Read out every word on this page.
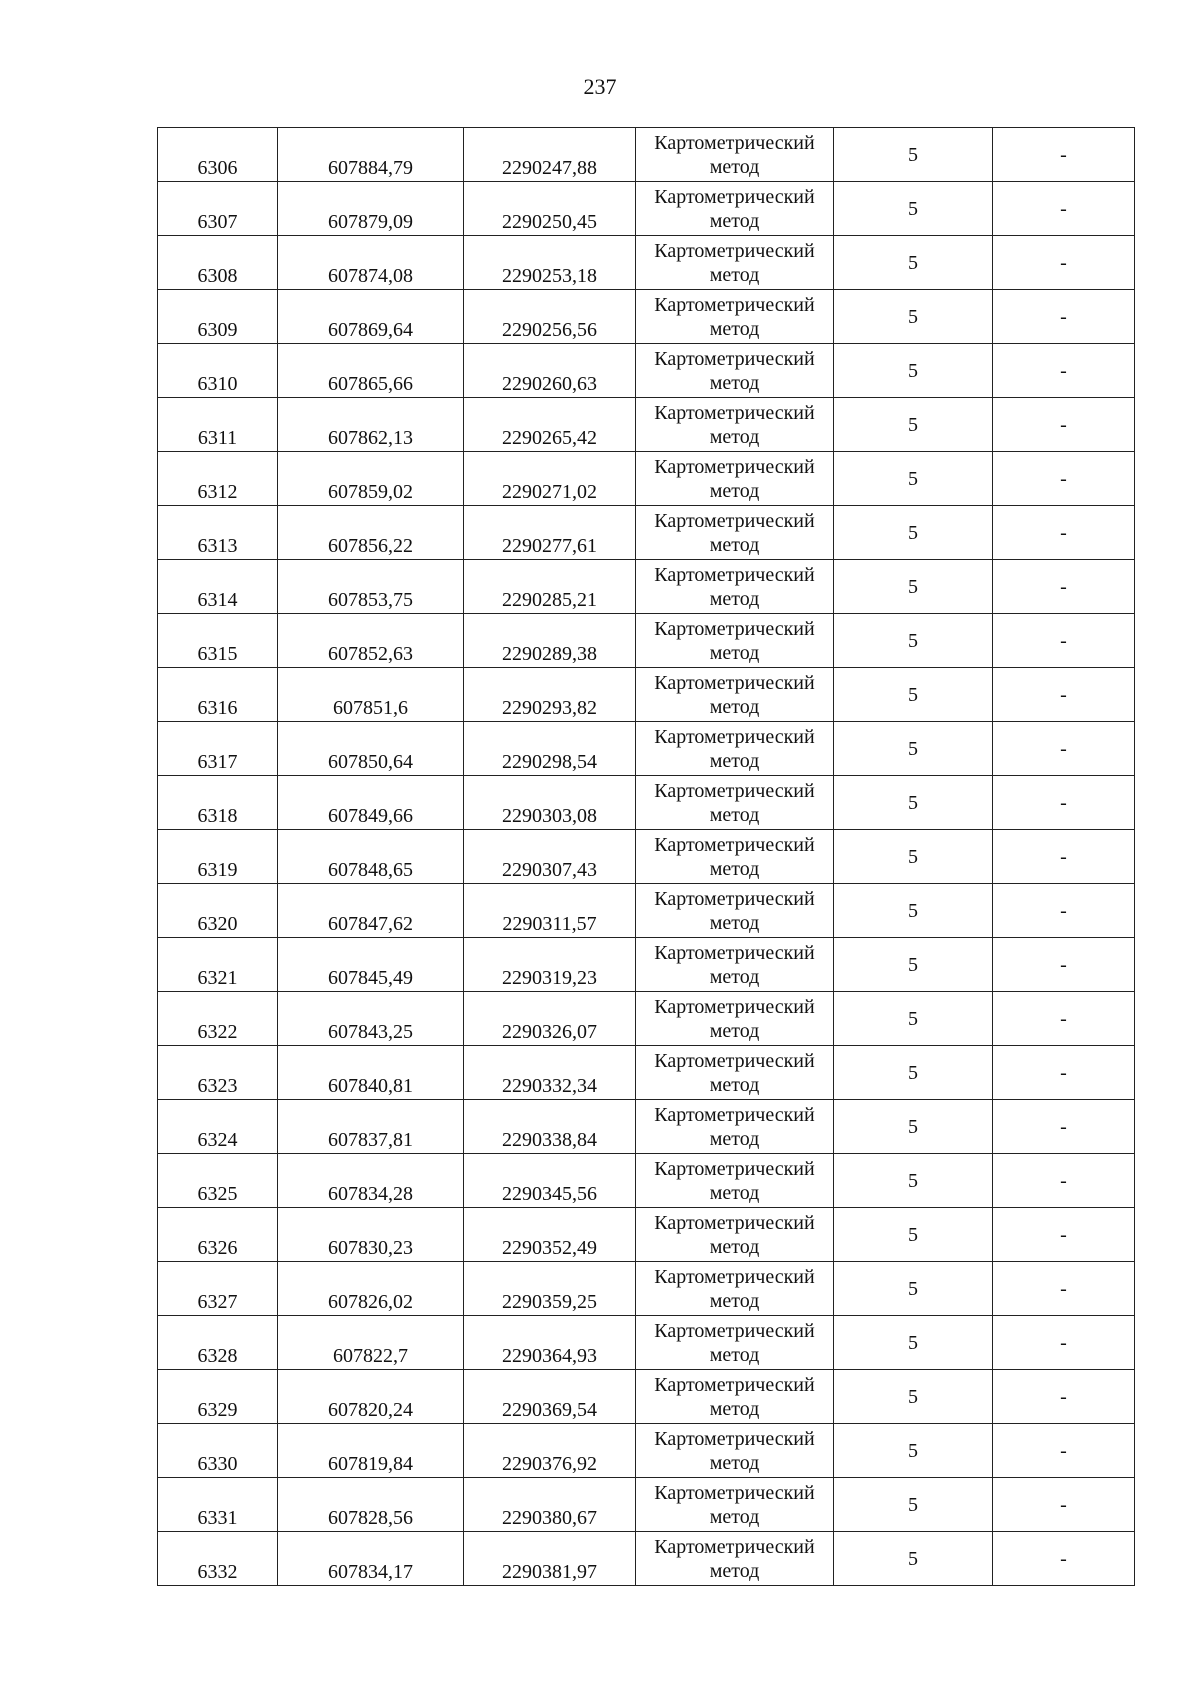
237
6306	607884,79	2290247,88	Картометрический метод	5	-
6307	607879,09	2290250,45	Картометрический метод	5	-
6308	607874,08	2290253,18	Картометрический метод	5	-
6309	607869,64	2290256,56	Картометрический метод	5	-
6310	607865,66	2290260,63	Картометрический метод	5	-
6311	607862,13	2290265,42	Картометрический метод	5	-
6312	607859,02	2290271,02	Картометрический метод	5	-
6313	607856,22	2290277,61	Картометрический метод	5	-
6314	607853,75	2290285,21	Картометрический метод	5	-
6315	607852,63	2290289,38	Картометрический метод	5	-
6316	607851,6	2290293,82	Картометрический метод	5	-
6317	607850,64	2290298,54	Картометрический метод	5	-
6318	607849,66	2290303,08	Картометрический метод	5	-
6319	607848,65	2290307,43	Картометрический метод	5	-
6320	607847,62	2290311,57	Картометрический метод	5	-
6321	607845,49	2290319,23	Картометрический метод	5	-
6322	607843,25	2290326,07	Картометрический метод	5	-
6323	607840,81	2290332,34	Картометрический метод	5	-
6324	607837,81	2290338,84	Картометрический метод	5	-
6325	607834,28	2290345,56	Картометрический метод	5	-
6326	607830,23	2290352,49	Картометрический метод	5	-
6327	607826,02	2290359,25	Картометрический метод	5	-
6328	607822,7	2290364,93	Картометрический метод	5	-
6329	607820,24	2290369,54	Картометрический метод	5	-
6330	607819,84	2290376,92	Картометрический метод	5	-
6331	607828,56	2290380,67	Картометрический метод	5	-
6332	607834,17	2290381,97	Картометрический метод	5	-
